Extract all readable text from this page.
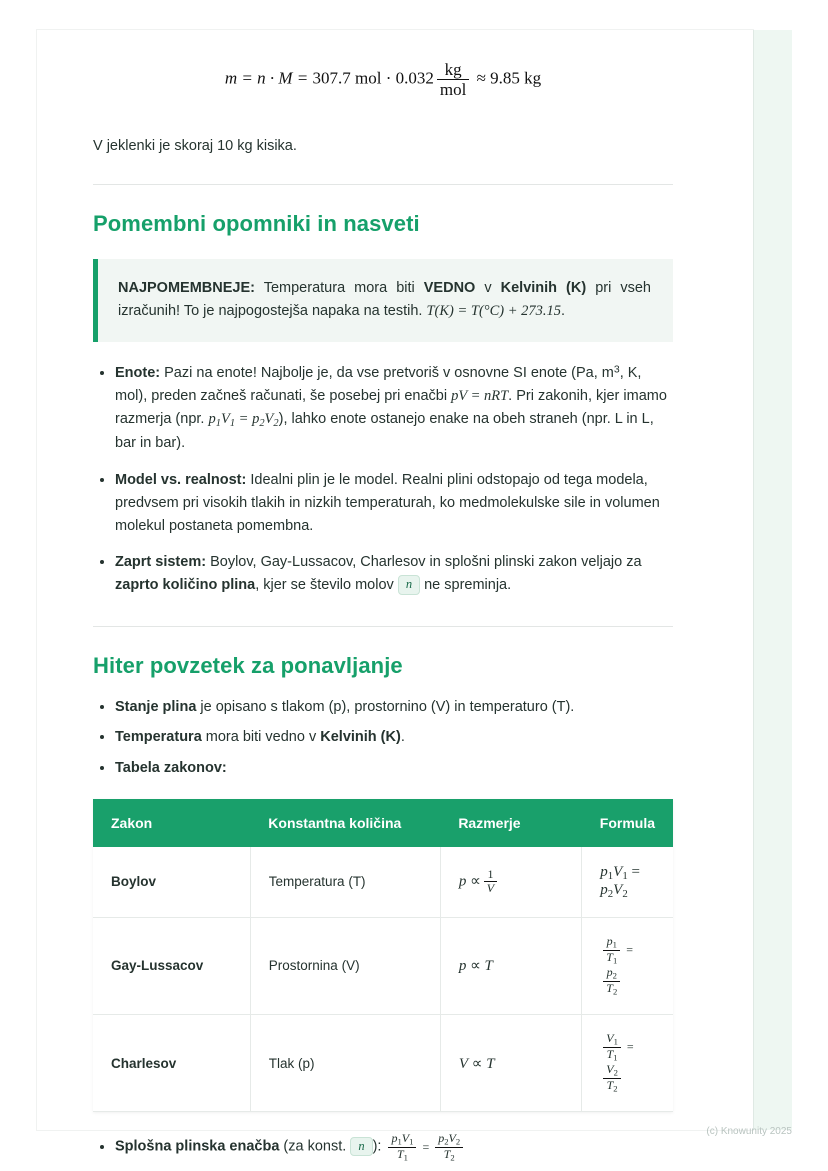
m = n · M = 307.7 mol · $0.032 \frac{kg}{\text{mol}} \approx 9.85$ kg
V jeklenki je skoraj 10 kg kisika.
Pomembni opomniki in nasveti
NAJPOMEMBNEJE: Temperatura mora biti VEDNO v Kelvinih (K) pri vseh izračunih! To je najpogostejša napaka na testih. T(K) = T(°C) + 273.15.
• Enote: Pazi na enote! Najbolje je, da vse pretvoriš v osnovne SI enote (Pa, $m^3$, K, mol), preden začneš računati, še posebej pri enačbi pV = nRT. Pri zakonih, kjer imamo razmerja (npr. $p_1V_1 = p_2V_2$), lahko enote ostanejo enake na obeh straneh (npr. L in L, bar in bar).
• Model vs. realnost: Idealni plin je le model. Realni plini odstopajo od tega modela, predvsem pri visokih tlakih in nizkih temperaturah, ko medmolekulske sile in volumen molekul postaneta pomembna.
• Zaprt sistem: Boylov, Gay-Lussacov, Charlesov in splošni plinski zakon veljajo za zaprto količino plina, kjer se število molov n ne spreminja.
Hiter povzetek za ponavljanje
• Stanje plina je opisano s tlakom (p), prostornino (V) in temperaturo (T).
• Temperatura mora biti vedno v Kelvinih (K).
• Tabela zakonov:
Zakon	Konstantna količina	Razmerje	Formula
Boylov	Temperatura (T)	$p \propto \frac{1}{V}$	$p_1V_1 = p_2V_2$
Gay-Lussacov	Prostornina (V)	p ∝ T	$\frac{p_1}{T_1}$ =
$\frac{p_2}{T_2}$

Charlesov	Tlak (p)	V ∝ T	$\frac{V_1}{T_1}$ =
$\frac{V_2}{T_2}$
• Splošna plinska enačba (za konst. n ): $\frac{p_1V_1}{T_1} = \frac{p_2V_2}{T_2}$
(c) Knowunity 2025
